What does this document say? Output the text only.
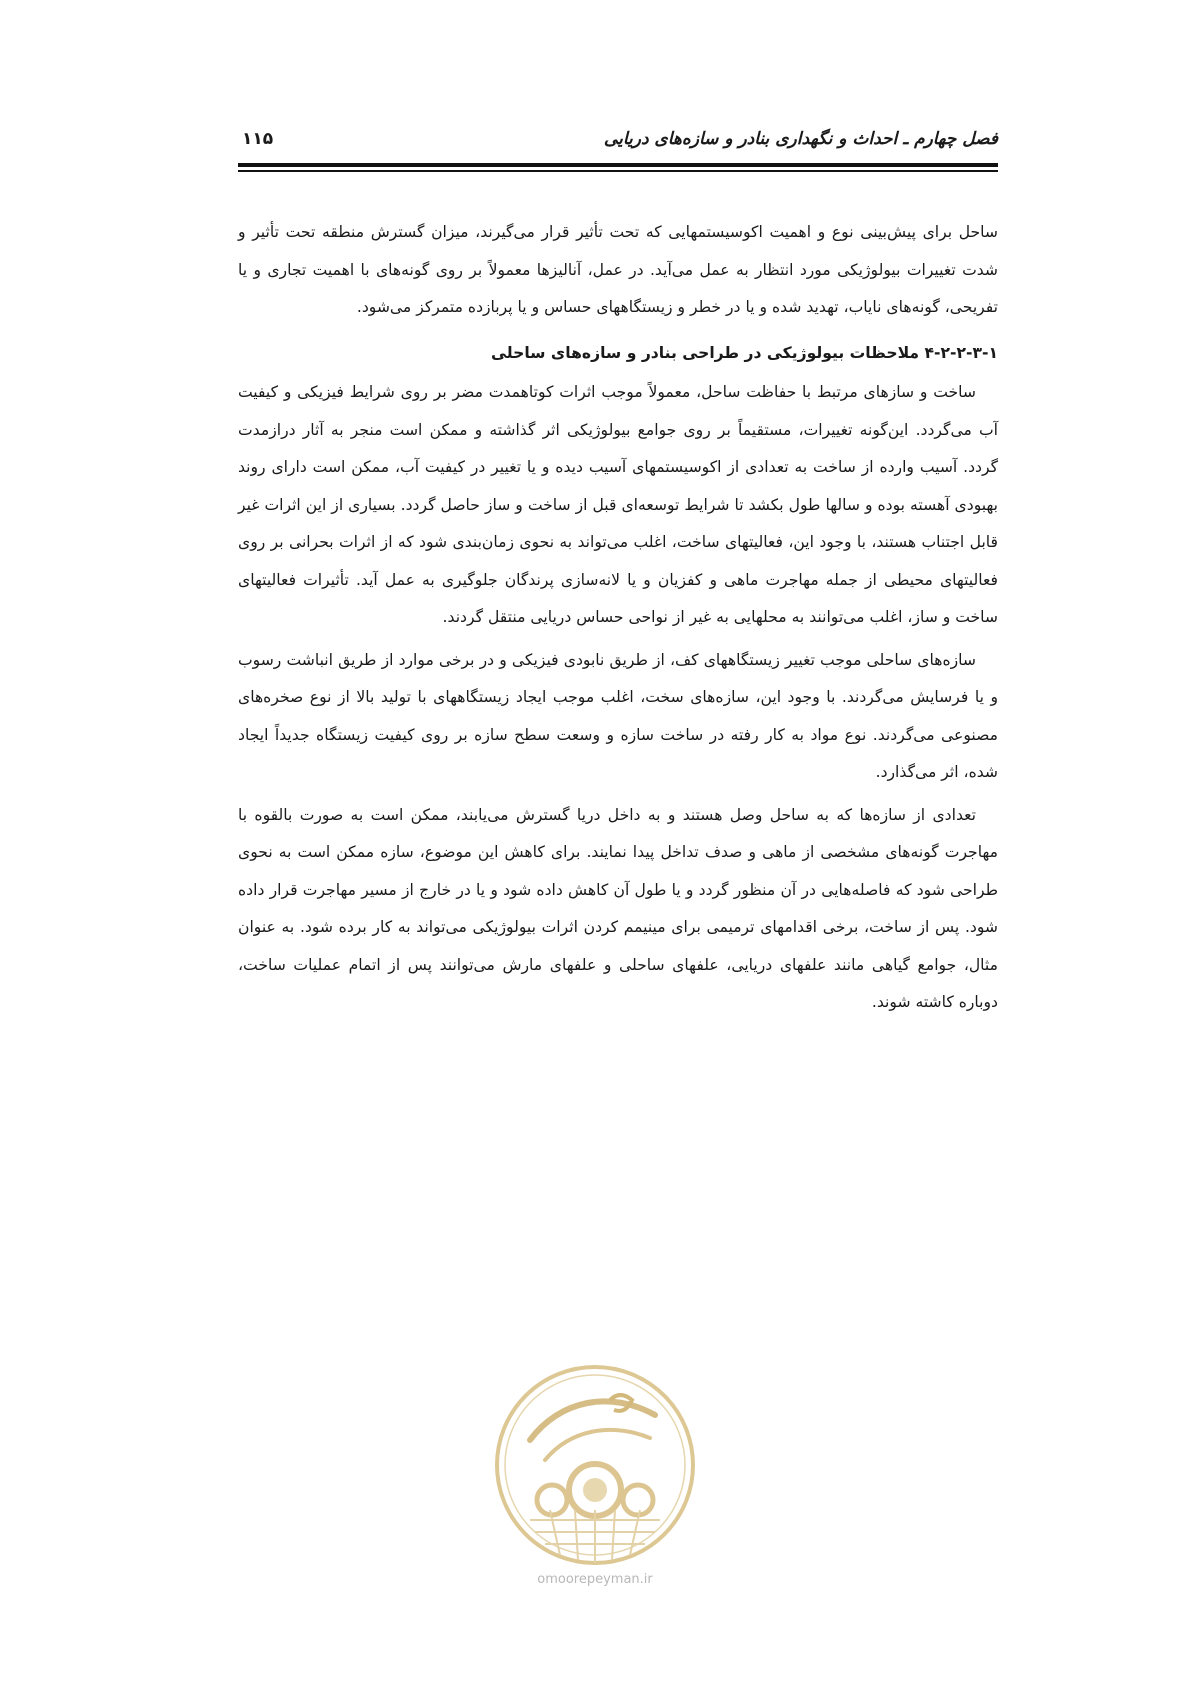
فصل چهارم ـ احداث و نگهداری بنادر و سازه‌های دریایی
۱۱۵

ساحل برای پیش‌بینی نوع و اهمیت اکوسیستمهایی که تحت تأثیر قرار می‌گیرند، میزان گسترش منطقه تحت تأثیر و شدت تغییرات بیولوژیکی مورد انتظار به عمل می‌آید. در عمل، آنالیزها معمولاً بر روی گونه‌های با اهمیت تجاری و یا تفریحی، گونه‌های نایاب، تهدید شده و یا در خطر و زیستگاههای حساس و یا پربازده متمرکز می‌شود.

۴-۲-۲-۳-۱ ملاحظات بیولوژیکی در طراحی بنادر و سازه‌های ساحلی

ساخت و سازهای مرتبط با حفاظت ساحل، معمولاً موجب اثرات کوتاهمدت مضر بر روی شرایط فیزیکی و کیفیت آب می‌گردد. این‌گونه تغییرات، مستقیماً بر روی جوامع بیولوژیکی اثر گذاشته و ممکن است منجر به آثار درازمدت گردد. آسیب وارده از ساخت به تعدادی از اکوسیستمهای آسیب دیده و یا تغییر در کیفیت آب، ممکن است دارای روند بهبودی آهسته بوده و سالها طول بکشد تا شرایط توسعه‌ای قبل از ساخت و ساز حاصل گردد. بسیاری از این اثرات غیر قابل اجتناب هستند، با وجود این، فعالیتهای ساخت، اغلب می‌تواند به نحوی زمان‌بندی شود که از اثرات بحرانی بر روی فعالیتهای محیطی از جمله مهاجرت ماهی و کفزیان و یا لانه‌سازی پرندگان جلوگیری به عمل آید. تأثیرات فعالیتهای ساخت و ساز، اغلب می‌توانند به محلهایی به غیر از نواحی حساس دریایی منتقل گردند.

سازه‌های ساحلی موجب تغییر زیستگاههای کف، از طریق نابودی فیزیکی و در برخی موارد از طریق انباشت رسوب و یا فرسایش می‌گردند. با وجود این، سازه‌های سخت، اغلب موجب ایجاد زیستگاههای با تولید بالا از نوع صخره‌های مصنوعی می‌گردند. نوع مواد به کار رفته در ساخت سازه و وسعت سطح سازه بر روی کیفیت زیستگاه جدیداً ایجاد شده، اثر می‌گذارد.

تعدادی از سازه‌ها که به ساحل وصل هستند و به داخل دریا گسترش می‌یابند، ممکن است به صورت بالقوه با مهاجرت گونه‌های مشخصی از ماهی و صدف تداخل پیدا نمایند. برای کاهش این موضوع، سازه ممکن است به نحوی طراحی شود که فاصله‌هایی در آن منظور گردد و یا طول آن کاهش داده شود و یا در خارج از مسیر مهاجرت قرار داده شود. پس از ساخت، برخی اقدامهای ترمیمی برای مینیمم کردن اثرات بیولوژیکی می‌تواند به کار برده شود. به عنوان مثال، جوامع گیاهی مانند علفهای دریایی، علفهای ساحلی و علفهای مارش می‌توانند پس از اتمام عملیات ساخت، دوباره کاشته شوند.

omoorepeyman.ir
